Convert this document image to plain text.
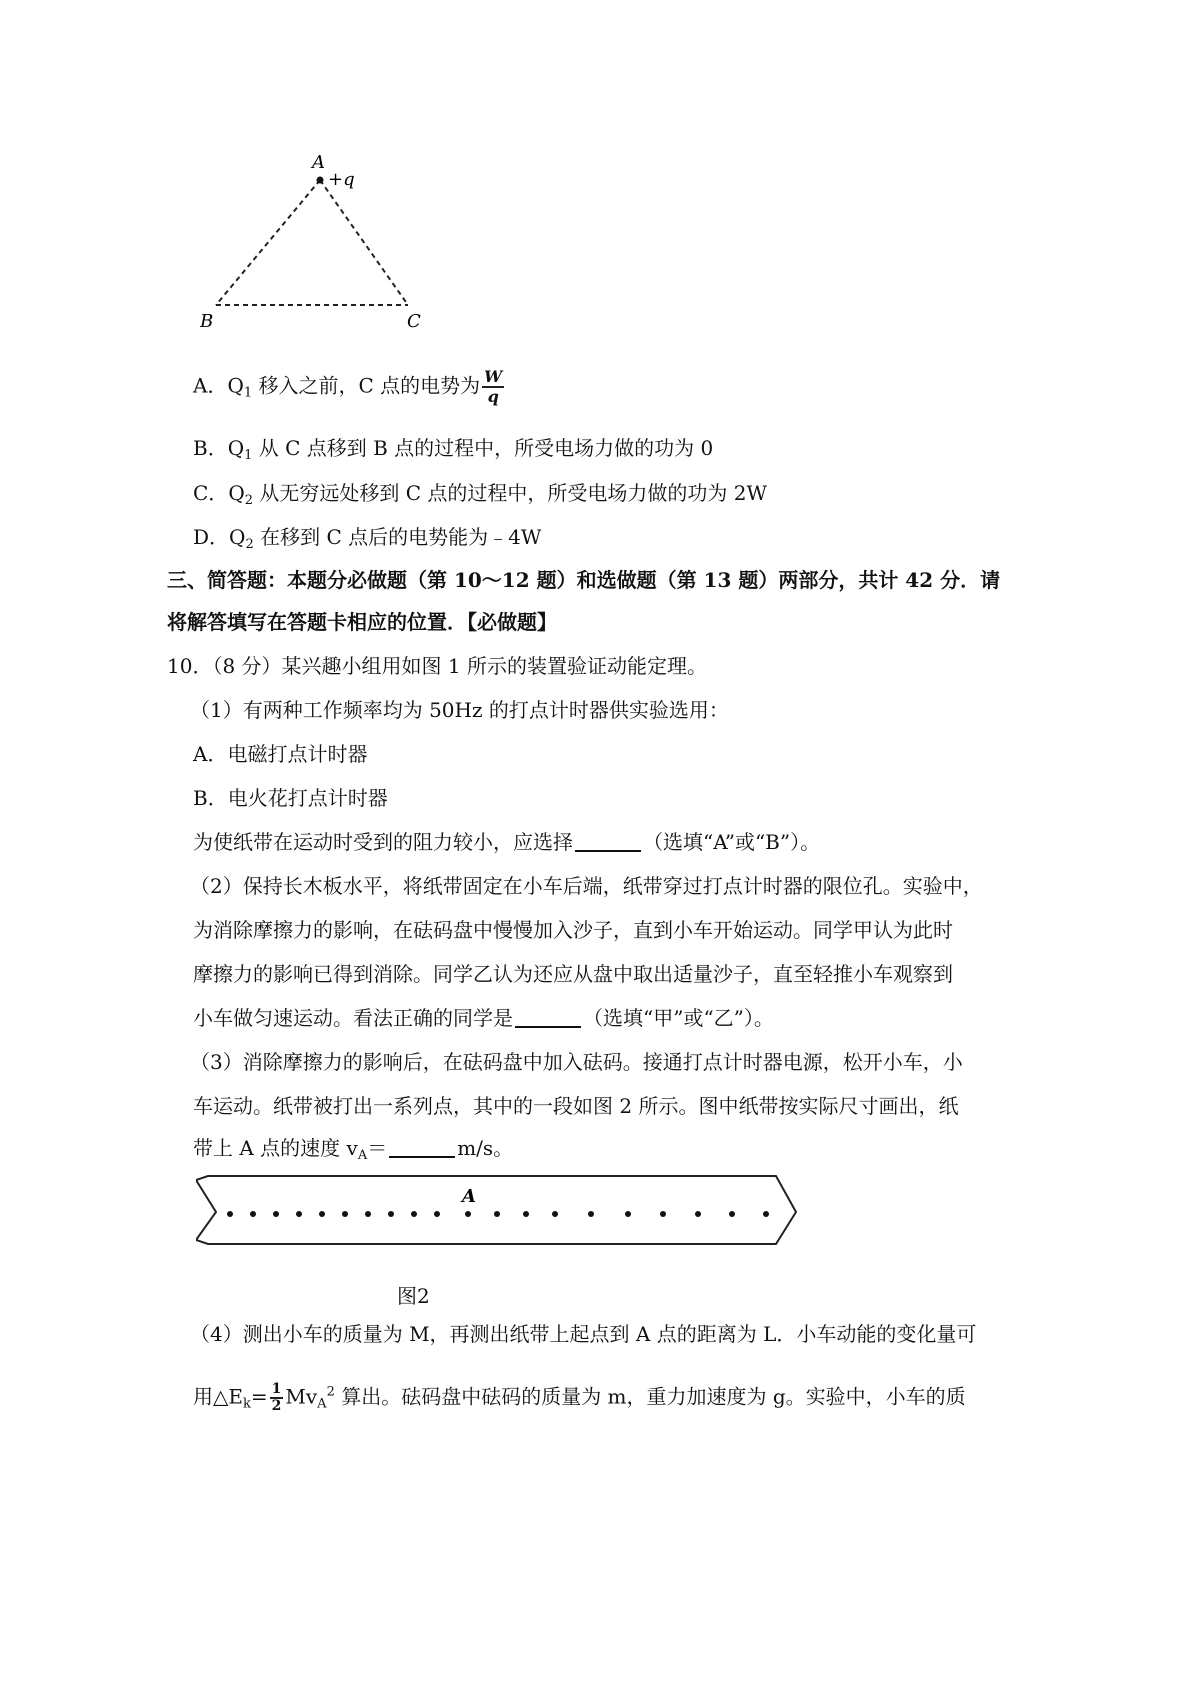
A
+q
B	C
A．$Q_1$ 移入之前，C 点的电势为 $\frac{W}{q}$
B．$Q_1$ 从 C 点移到 B 点的过程中，所受电场力做的功为 0
C．$Q_2$ 从无穷远处移到 C 点的过程中，所受电场力做的功为 2W
D．$Q_2$ 在移到 C 点后的电势能为﹣4W
三、简答题：本题分必做题（第 10～12 题）和选做题（第 13 题）两部分，共计 42 分．请
将解答填写在答题卡相应的位置．【必做题】
10．（8 分）某兴趣小组用如图 1 所示的装置验证动能定理。
（1）有两种工作频率均为 50Hz 的打点计时器供实验选用：
A．电磁打点计时器
B．电火花打点计时器
为使纸带在运动时受到的阻力较小，应选择	（选填“A”或“B”）。
（2）保持长木板水平，将纸带固定在小车后端，纸带穿过打点计时器的限位孔。实验中，
为消除摩擦力的影响，在砝码盘中慢慢加入沙子，直到小车开始运动。同学甲认为此时
摩擦力的影响已得到消除。同学乙认为还应从盘中取出适量沙子，直至轻推小车观察到
小车做匀速运动。看法正确的同学是	（选填“甲”或“乙”）。
（3）消除摩擦力的影响后，在砝码盘中加入砝码。接通打点计时器电源，松开小车，小
车运动。纸带被打出一系列点，其中的一段如图 2 所示。图中纸带按实际尺寸画出，纸
带上 A 点的速度 $v_A=$	m/s。
A
图2
（4）测出小车的质量为 M，再测出纸带上起点到 A 点的距离为 L．小车动能的变化量可
用$\triangle E_k= \frac{1}{2} Mv_A^2$ 算出。砝码盘中砝码的质量为 m，重力加速度为 g。实验中，小车的质
